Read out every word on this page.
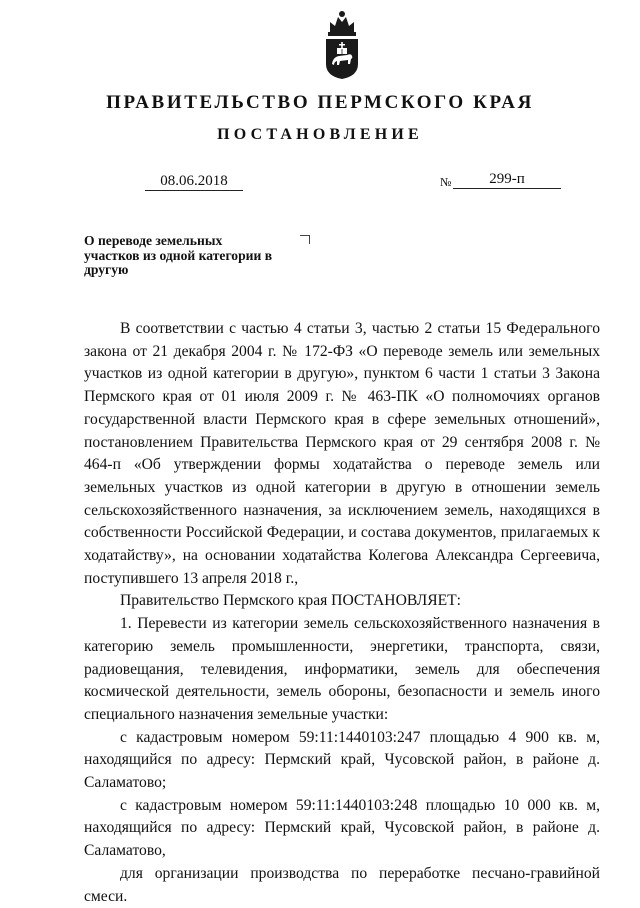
ПРАВИТЕЛЬСТВО ПЕРМСКОГО КРАЯ
ПОСТАНОВЛЕНИЕ
08.06.2018	№	299-п
О переводе земельных участков из одной категории в другую

В соответствии с частью 4 статьи 3, частью 2 статьи 15 Федерального закона от 21 декабря 2004 г. № 172-ФЗ «О переводе земель или земельных участков из одной категории в другую», пунктом 6 части 1 статьи 3 Закона Пермского края от 01 июля 2009 г. № 463-ПК «О полномочиях органов государственной власти Пермского края в сфере земельных отношений», постановлением Правительства Пермского края от 29 сентября 2008 г. № 464-п «Об утверждении формы ходатайства о переводе земель или земельных участков из одной категории в другую в отношении земель сельскохозяйственного назначения, за исключением земель, находящихся в собственности Российской Федерации, и состава документов, прилагаемых к ходатайству», на основании ходатайства Колегова Александра Сергеевича, поступившего 13 апреля 2018 г.,

Правительство Пермского края ПОСТАНОВЛЯЕТ:

1. Перевести из категории земель сельскохозяйственного назначения в категорию земель промышленности, энергетики, транспорта, связи, радиовещания, телевидения, информатики, земель для обеспечения космической деятельности, земель обороны, безопасности и земель иного специального назначения земельные участки:

с кадастровым номером 59:11:1440103:247 площадью 4 900 кв. м, находящийся по адресу: Пермский край, Чусовской район, в районе д. Саламатово;

с кадастровым номером 59:11:1440103:248 площадью 10 000 кв. м, находящийся по адресу: Пермский край, Чусовской район, в районе д. Саламатово,

для организации производства по переработке песчано-гравийной смеси.
